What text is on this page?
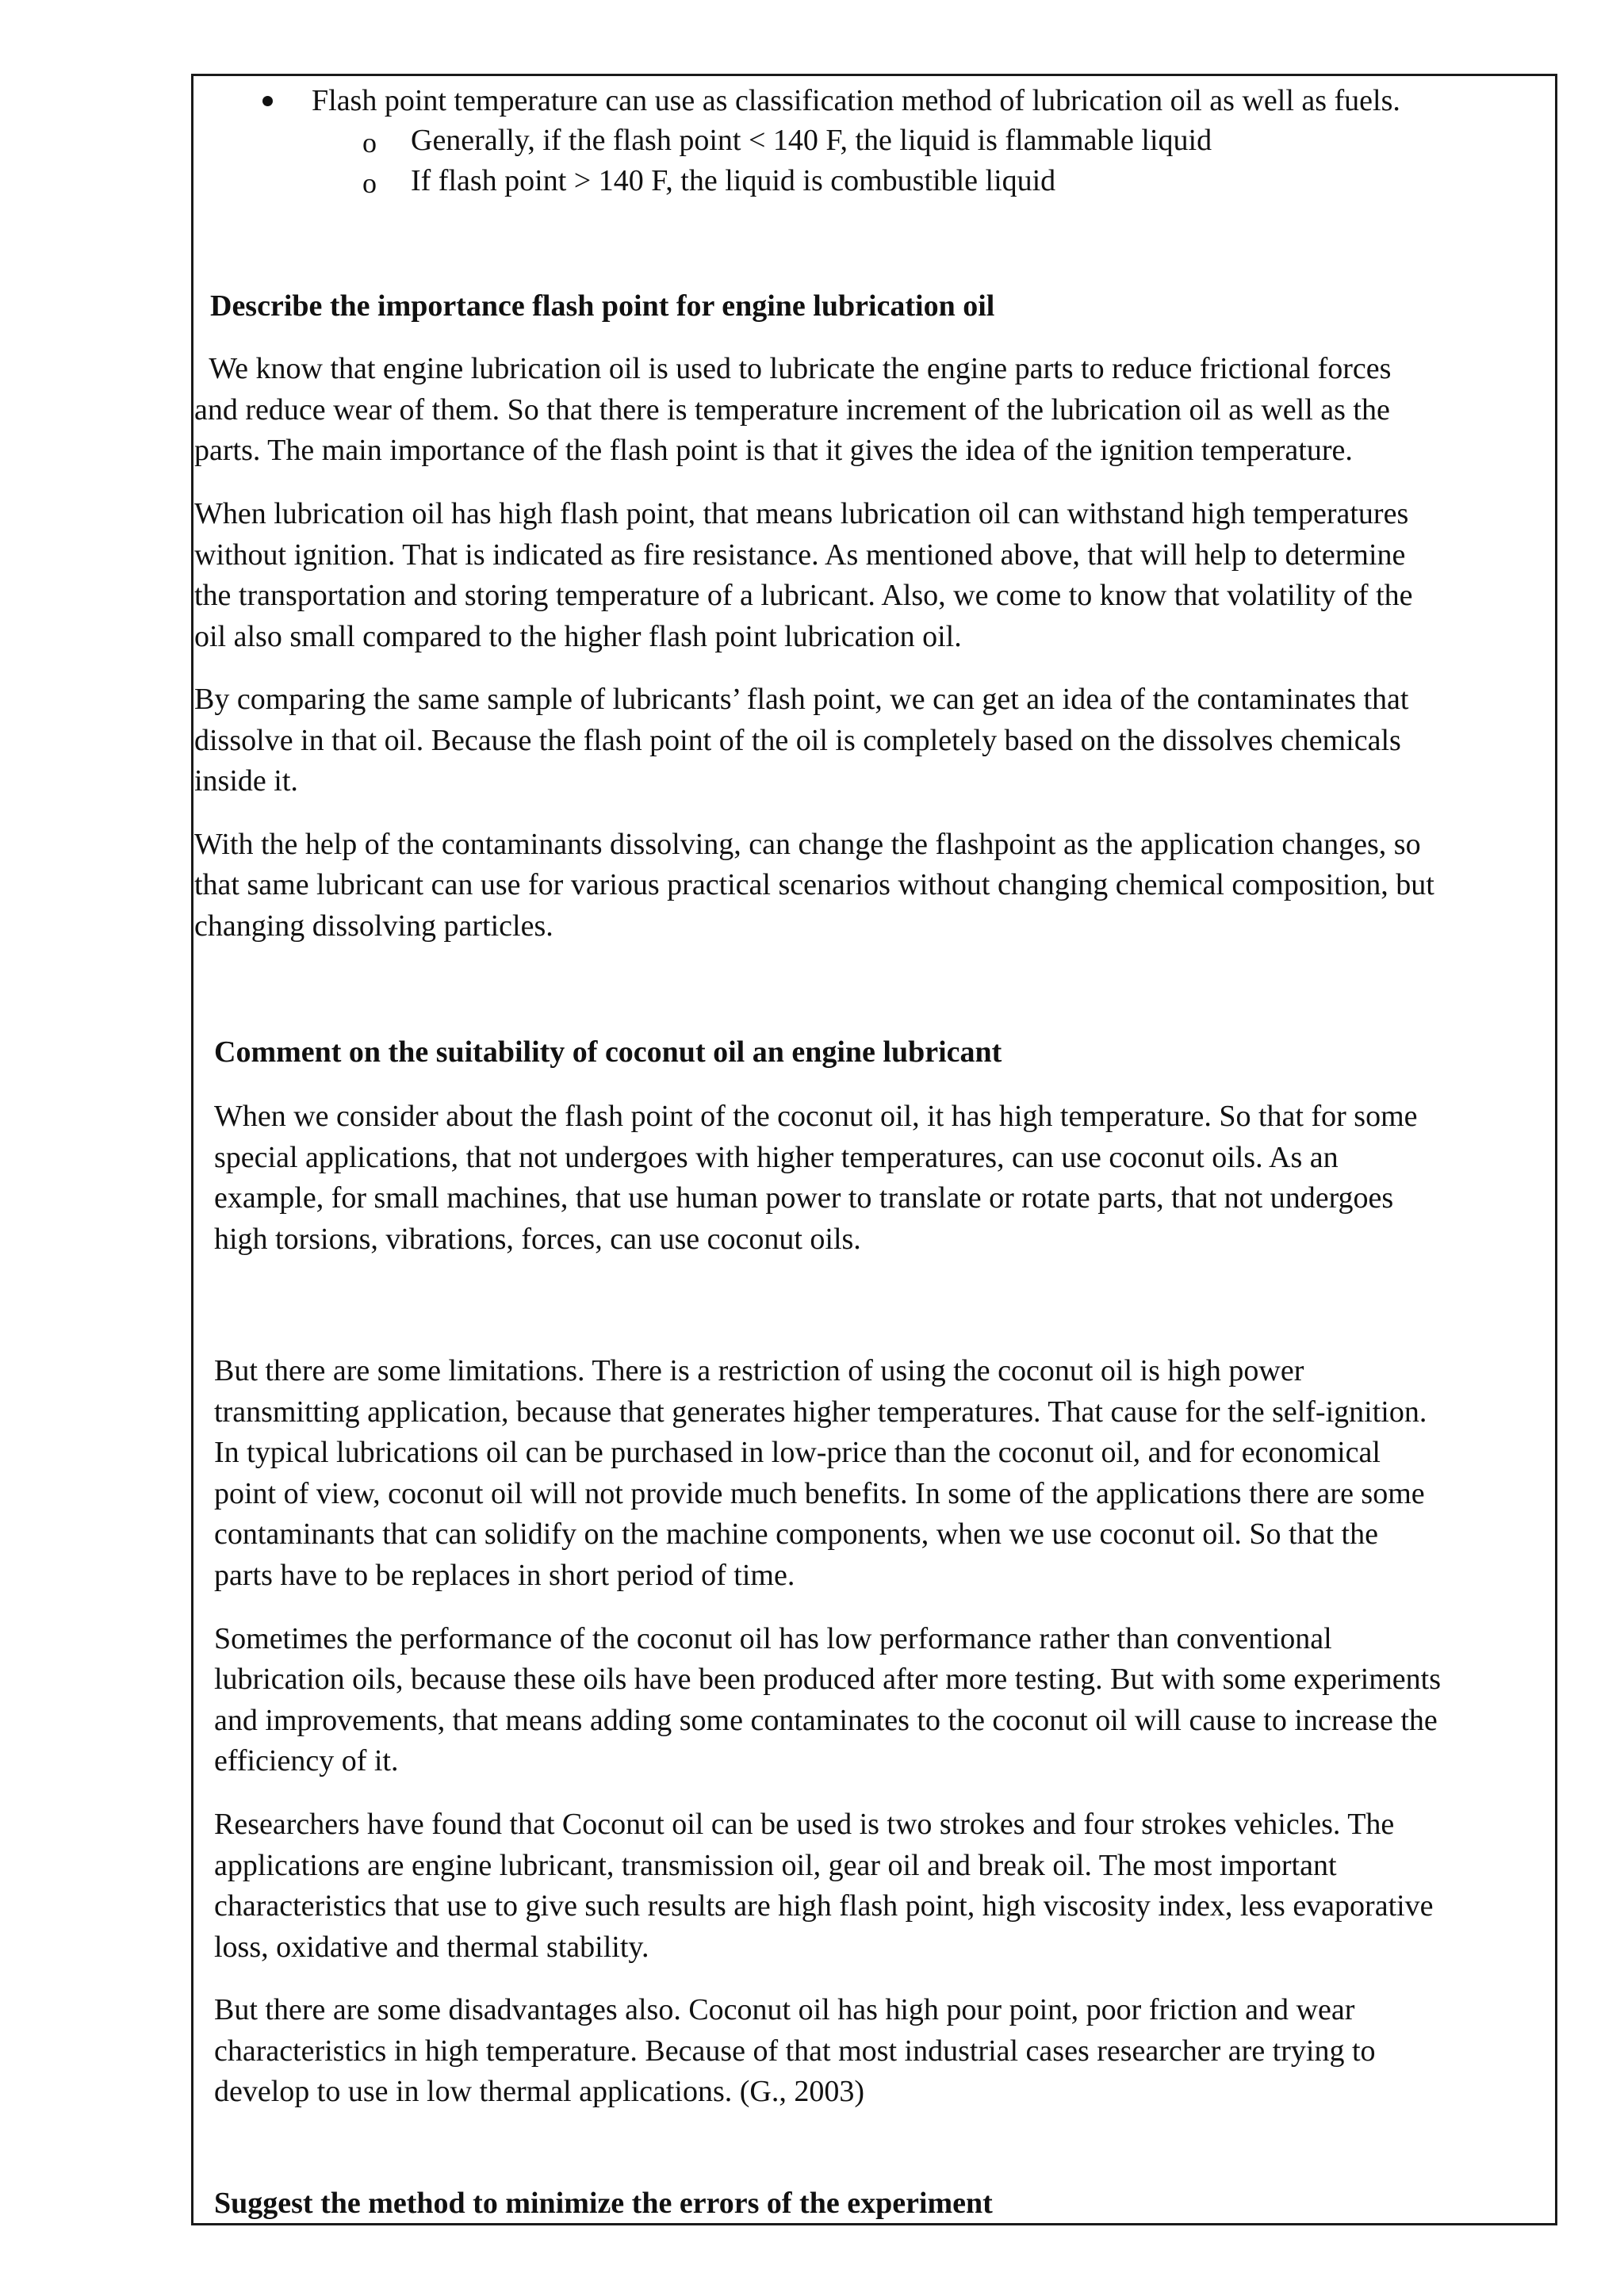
Flash point temperature can use as classification method of lubrication oil as well as fuels.

o Generally, if the flash point < 140 F, the liquid is flammable liquid

o If flash point > 140 F, the liquid is combustible liquid

Describe the importance flash point for engine lubrication oil

We know that engine lubrication oil is used to lubricate the engine parts to reduce frictional forces

and reduce wear of them. So that there is temperature increment of the lubrication oil as well as the

parts. The main importance of the flash point is that it gives the idea of the ignition temperature.

When lubrication oil has high flash point, that means lubrication oil can withstand high temperatures

without ignition. That is indicated as fire resistance. As mentioned above, that will help to determine

the transportation and storing temperature of a lubricant. Also, we come to know that volatility of the

oil also small compared to the higher flash point lubrication oil.

By comparing the same sample of lubricants’ flash point, we can get an idea of the contaminates that

dissolve in that oil. Because the flash point of the oil is completely based on the dissolves chemicals

inside it.

With the help of the contaminants dissolving, can change the flashpoint as the application changes, so

that same lubricant can use for various practical scenarios without changing chemical composition, but

changing dissolving particles.

Comment on the suitability of coconut oil an engine lubricant

When we consider about the flash point of the coconut oil, it has high temperature. So that for some

special applications, that not undergoes with higher temperatures, can use coconut oils. As an

example, for small machines, that use human power to translate or rotate parts, that not undergoes

high torsions, vibrations, forces, can use coconut oils.

But there are some limitations. There is a restriction of using the coconut oil is high power

transmitting application, because that generates higher temperatures. That cause for the self-ignition.

In typical lubrications oil can be purchased in low-price than the coconut oil, and for economical

point of view, coconut oil will not provide much benefits. In some of the applications there are some

contaminants that can solidify on the machine components, when we use coconut oil. So that the

parts have to be replaces in short period of time.

Sometimes the performance of the coconut oil has low performance rather than conventional

lubrication oils, because these oils have been produced after more testing. But with some experiments

and improvements, that means adding some contaminates to the coconut oil will cause to increase the

efficiency of it.

Researchers have found that Coconut oil can be used is two strokes and four strokes vehicles. The

applications are engine lubricant, transmission oil, gear oil and break oil. The most important

characteristics that use to give such results are high flash point, high viscosity index, less evaporative

loss, oxidative and thermal stability.

But there are some disadvantages also. Coconut oil has high pour point, poor friction and wear

characteristics in high temperature. Because of that most industrial cases researcher are trying to

develop to use in low thermal applications. (G., 2003)

Suggest the method to minimize the errors of the experiment
